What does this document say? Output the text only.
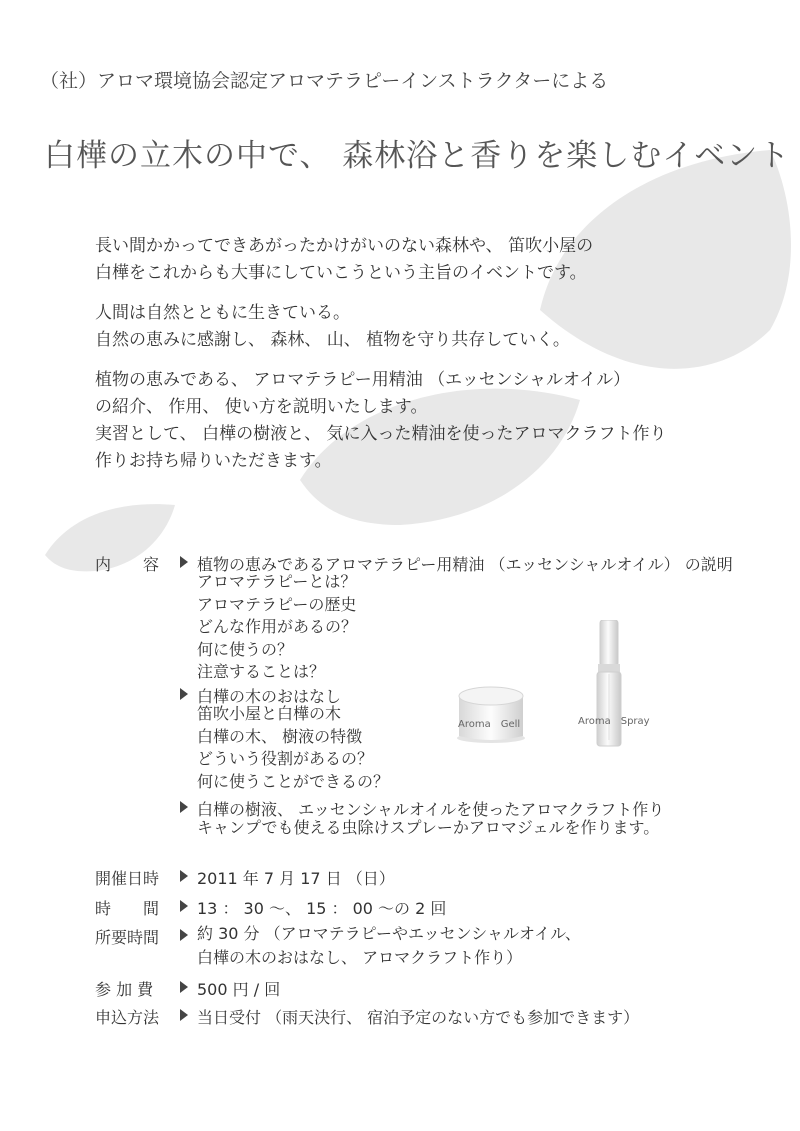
（社）アロマ環境協会認定アロマテラピーインストラクターによる
白樺の立木の中で、 森林浴と香りを楽しむイベント
長い間かかってできあがったかけがいのない森林や、 笛吹小屋の
白樺をこれからも大事にしていこうという主旨のイベントです。
人間は自然とともに生きている。
自然の恵みに感謝し、 森林、 山、 植物を守り共存していく。
植物の恵みである、 アロマテラピー用精油 （エッセンシャルオイル）
の紹介、 作用、 使い方を説明いたします。
実習として、 白樺の樹液と、 気に入った精油を使ったアロマクラフト作り
作りお持ち帰りいただきます。
内　　容 植物の恵みであるアロマテラピー用精油 （エッセンシャルオイル） の説明
アロマテラピーとは？
アロマテラピーの歴史
どんな作用があるの？
何に使うの？
注意することは？
白樺の木のおはなし
笛吹小屋と白樺の木
白樺の木、 樹液の特徴
どういう役割があるの？
何に使うことができるの？
白樺の樹液、 エッセンシャルオイルを使ったアロマクラフト作り
キャンプでも使える虫除けスプレーかアロマジェルを作ります。
Aroma　Gell	Aroma　Spray
開催日時 2011 年 7 月 17 日 （日）
時　　間 13 ： 30 ～、 15 ： 00 ～の 2 回
所要時間 約 30 分 （アロマテラピーやエッセンシャルオイル、
白樺の木のおはなし、 アロマクラフト作り）
参 加 費	500 円 / 回
申込方法 当日受付 （雨天決行、 宿泊予定のない方でも参加できます）
